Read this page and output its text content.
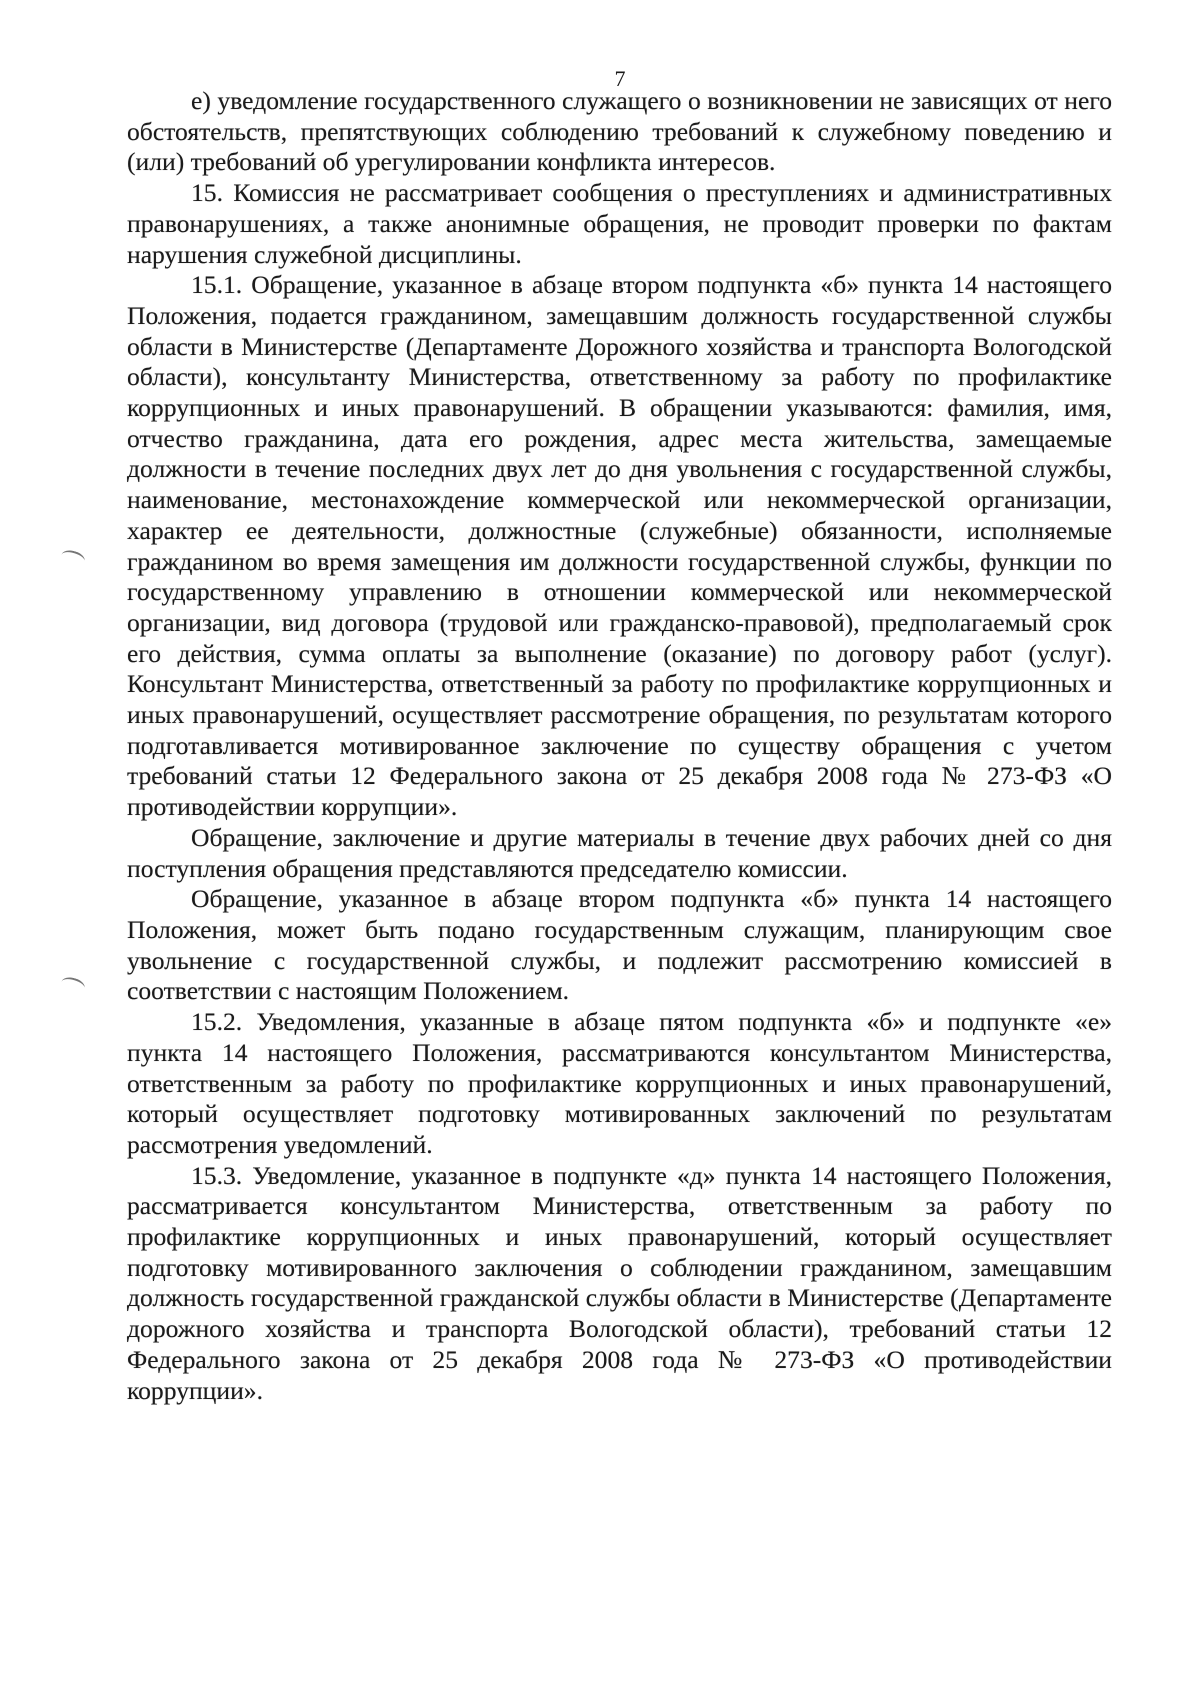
7

е) уведомление государственного служащего о возникновении не зависящих от него обстоятельств, препятствующих соблюдению требований к служебному поведению и (или) требований об урегулировании конфликта интересов.

15. Комиссия не рассматривает сообщения о преступлениях и административных правонарушениях, а также анонимные обращения, не проводит проверки по фактам нарушения служебной дисциплины.

15.1. Обращение, указанное в абзаце втором подпункта «б» пункта 14 настоящего Положения, подается гражданином, замещавшим должность государственной службы области в Министерстве (Департаменте Дорожного хозяйства и транспорта Вологодской области), консультанту Министерства, ответственному за работу по профилактике коррупционных и иных правонарушений. В обращении указываются: фамилия, имя, отчество гражданина, дата его рождения, адрес места жительства, замещаемые должности в течение последних двух лет до дня увольнения с государственной службы, наименование, местонахождение коммерческой или некоммерческой организации, характер ее деятельности, должностные (служебные) обязанности, исполняемые гражданином во время замещения им должности государственной службы, функции по государственному управлению в отношении коммерческой или некоммерческой организации, вид договора (трудовой или гражданско-правовой), предполагаемый срок его действия, сумма оплаты за выполнение (оказание) по договору работ (услуг). Консультант Министерства, ответственный за работу по профилактике коррупционных и иных правонарушений, осуществляет рассмотрение обращения, по результатам которого подготавливается мотивированное заключение по существу обращения с учетом требований статьи 12 Федерального закона от 25 декабря 2008 года № 273-ФЗ «О противодействии коррупции».

Обращение, заключение и другие материалы в течение двух рабочих дней со дня поступления обращения представляются председателю комиссии.

Обращение, указанное в абзаце втором подпункта «б» пункта 14 настоящего Положения, может быть подано государственным служащим, планирующим свое увольнение с государственной службы, и подлежит рассмотрению комиссией в соответствии с настоящим Положением.

15.2. Уведомления, указанные в абзаце пятом подпункта «б» и подпункте «е» пункта 14 настоящего Положения, рассматриваются консультантом Министерства, ответственным за работу по профилактике коррупционных и иных правонарушений, который осуществляет подготовку мотивированных заключений по результатам рассмотрения уведомлений.

15.3. Уведомление, указанное в подпункте «д» пункта 14 настоящего Положения, рассматривается консультантом Министерства, ответственным за работу по профилактике коррупционных и иных правонарушений, который осуществляет подготовку мотивированного заключения о соблюдении гражданином, замещавшим должность государственной гражданской службы области в Министерстве (Департаменте дорожного хозяйства и транспорта Вологодской области), требований статьи 12 Федерального закона от 25 декабря 2008 года № 273-ФЗ «О противодействии коррупции».
